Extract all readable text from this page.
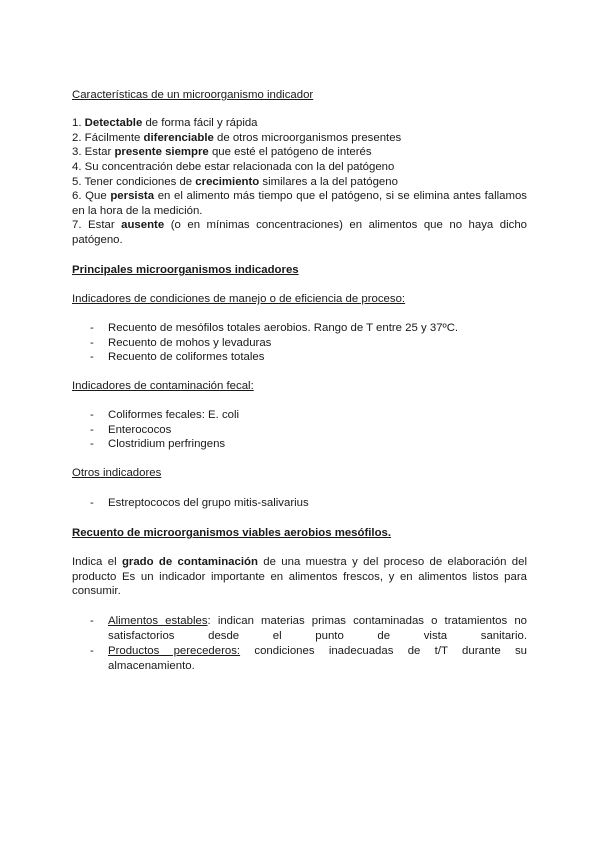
Características de un microorganismo indicador
1. Detectable de forma fácil y rápida
2. Fácilmente diferenciable de otros microorganismos presentes
3. Estar presente siempre que esté el patógeno de interés
4. Su concentración debe estar relacionada con la del patógeno
5. Tener condiciones de crecimiento similares a la del patógeno
6. Que persista en el alimento más tiempo que el patógeno, si se elimina antes fallamos en la hora de la medición.
7. Estar ausente (o en mínimas concentraciones) en alimentos que no haya dicho patógeno.
Principales microorganismos indicadores
Indicadores de condiciones de manejo o de eficiencia de proceso:
- Recuento de mesófilos totales aerobios. Rango de T entre 25 y 37ºC.
- Recuento de mohos y levaduras
- Recuento de coliformes totales
Indicadores de contaminación fecal:
- Coliformes fecales: E. coli
- Enterococos
- Clostridium perfringens
Otros indicadores
- Estreptococos del grupo mitis-salivarius
Recuento de microorganismos viables aerobios mesófilos.
Indica el grado de contaminación de una muestra y del proceso de elaboración del producto Es un indicador importante en alimentos frescos, y en alimentos listos para consumir.
- Alimentos estables: indican materias primas contaminadas o tratamientos no satisfactorios desde el punto de vista sanitario.
- Productos perecederos: condiciones inadecuadas de t/T durante su almacenamiento.
